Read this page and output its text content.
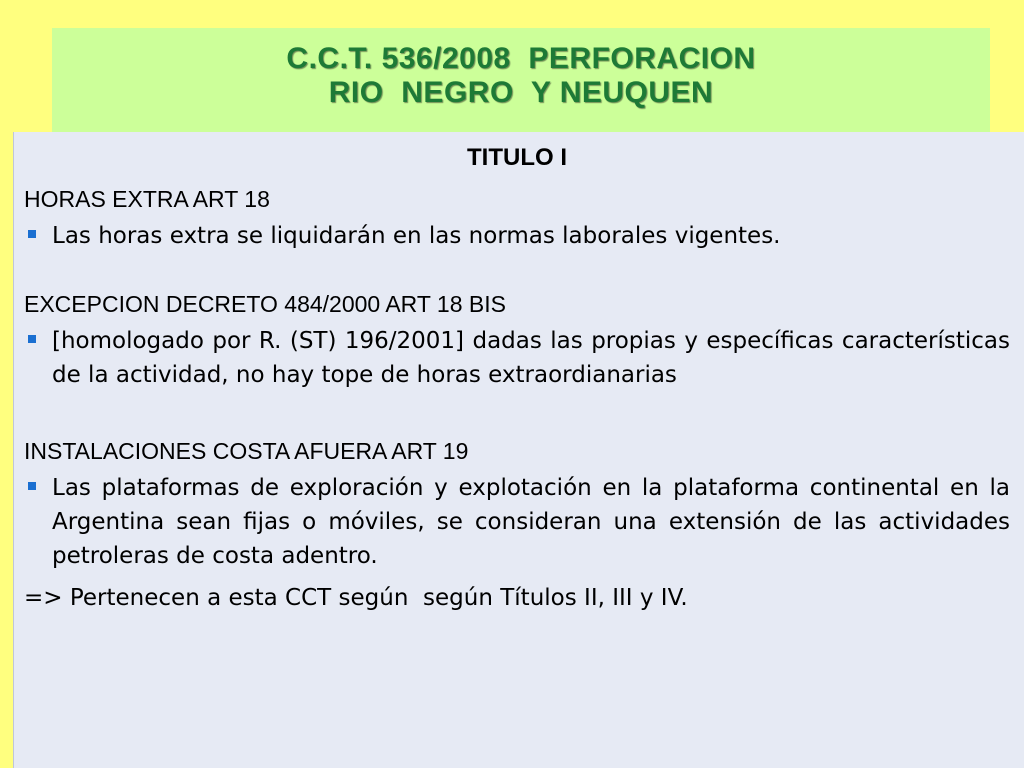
C.C.T. 536/2008  PERFORACION
RIO  NEGRO  Y NEUQUEN
TITULO I
HORAS EXTRA ART 18
Las horas extra se liquidarán en las normas laborales vigentes.
EXCEPCION DECRETO 484/2000 ART 18 BIS
[homologado por R. (ST) 196/2001] dadas las propias y específicas características de la actividad, no hay tope de horas extraordianarias
INSTALACIONES COSTA AFUERA ART 19
Las plataformas de exploración y explotación en la plataforma continental en la Argentina sean fijas o móviles, se consideran una extensión de las actividades petroleras de costa adentro.
=> Pertenecen a esta CCT según  según Títulos II, III y IV.
